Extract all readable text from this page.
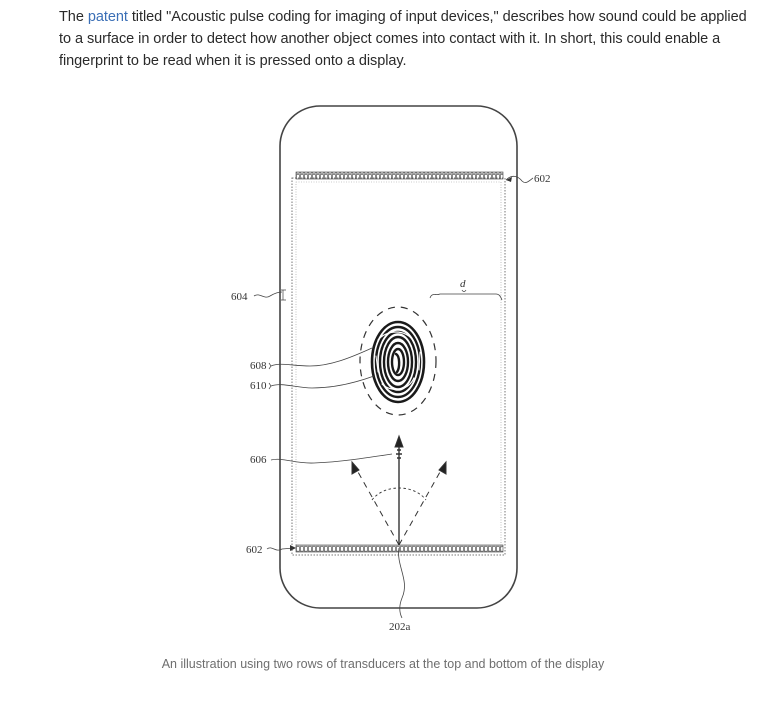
The patent titled "Acoustic pulse coding for imaging of input devices," describes how sound could be applied to a surface in order to detect how another object comes into contact with it. In short, this could enable a fingerprint to be read when it is pressed onto a display.

602
604
d
608
610
606
602
202a

An illustration using two rows of transducers at the top and bottom of the display
